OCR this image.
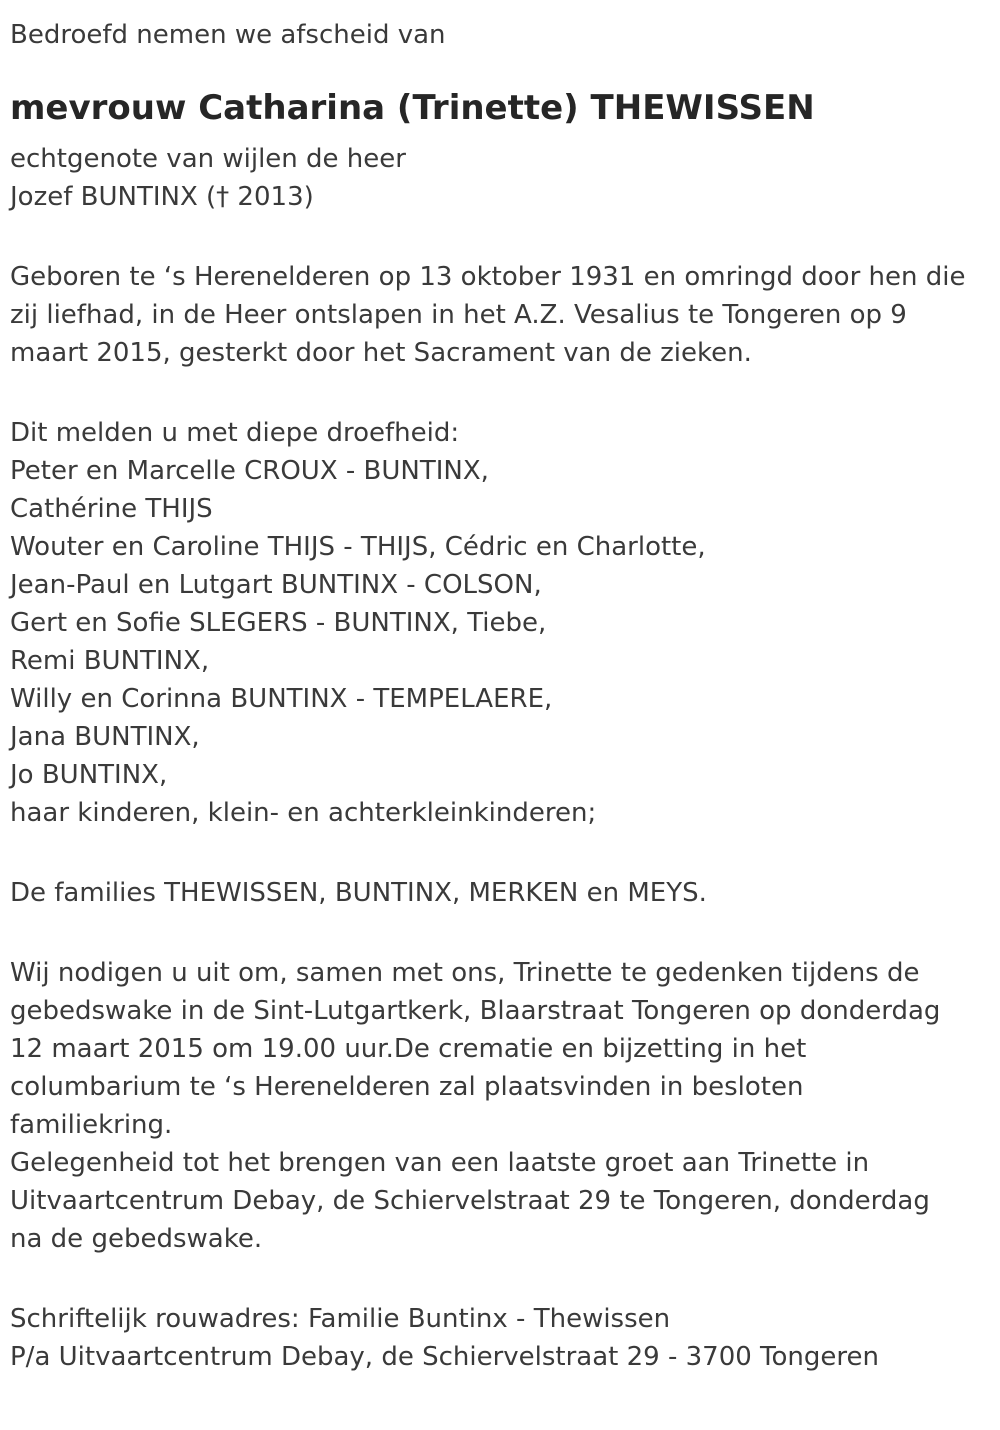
Bedroefd nemen we afscheid van
mevrouw Catharina (Trinette) THEWISSEN
echtgenote van wijlen de heer
Jozef BUNTINX († 2013)
Geboren te ‘s Herenelderen op 13 oktober 1931 en omringd door hen die
zij liefhad, in de Heer ontslapen in het A.Z. Vesalius te Tongeren op 9
maart 2015, gesterkt door het Sacrament van de zieken.
Dit melden u met diepe droefheid:
Peter en Marcelle CROUX - BUNTINX,
Cathérine THIJS
Wouter en Caroline THIJS - THIJS, Cédric en Charlotte,
Jean-Paul en Lutgart BUNTINX - COLSON,
Gert en Sofie SLEGERS - BUNTINX, Tiebe,
Remi BUNTINX,
Willy en Corinna BUNTINX - TEMPELAERE,
Jana BUNTINX,
Jo BUNTINX,
haar kinderen, klein- en achterkleinkinderen;
De families THEWISSEN, BUNTINX, MERKEN en MEYS.
Wij nodigen u uit om, samen met ons, Trinette te gedenken tijdens de
gebedswake in de Sint-Lutgartkerk, Blaarstraat Tongeren op donderdag
12 maart 2015 om 19.00 uur.De crematie en bijzetting in het
columbarium te ‘s Herenelderen zal plaatsvinden in besloten
familiekring.
Gelegenheid tot het brengen van een laatste groet aan Trinette in
Uitvaartcentrum Debay, de Schiervelstraat 29 te Tongeren, donderdag
na de gebedswake.
Schriftelijk rouwadres: Familie Buntinx - Thewissen
P/a Uitvaartcentrum Debay, de Schiervelstraat 29 - 3700 Tongeren
